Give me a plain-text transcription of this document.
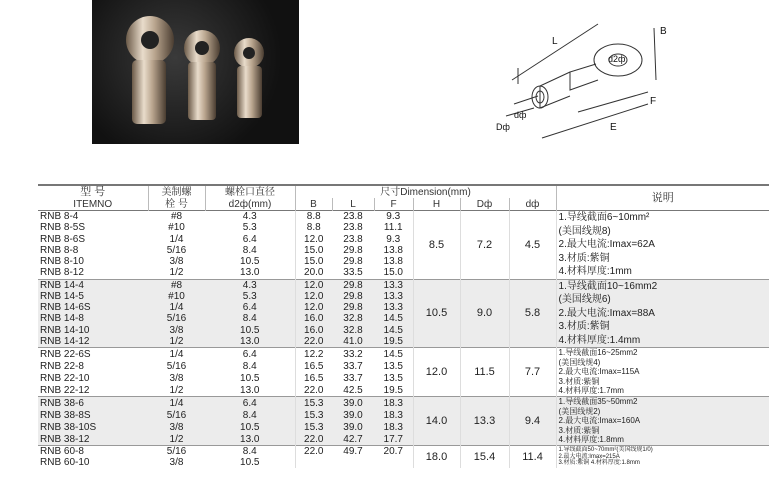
L
B
d2ф
dф
Dф
F
E
型 号	美制螺	螺栓口直径	尺寸Dimension(mm)						说明
ITEMNO	栓 号	d2ф(mm)	B	L	F	H	Dф	dф	
RNB 8-4	#8	4.3	8.8	23.8	9.3	8.5	7.2	4.5	1.导线截面6~10mm²
(美国线规8)
2.最大电流:Imax=62A
3.材质:紫铜
4.材料厚度:1mm

RNB 8-5S	#10	5.3	8.8	23.8	11.1				
RNB 8-6S	1/4	6.4	12.0	23.8	9.3				
RNB 8-8	5/16	8.4	15.0	29.8	13.8				
RNB 8-10	3/8	10.5	15.0	29.8	13.8				
RNB 8-12	1/2	13.0	20.0	33.5	15.0				
RNB 14-4	#8	4.3	12.0	29.8	13.3	10.5	9.0	5.8	1.导线截面10~16mm2
(美国线规6)
2.最大电流:Imax=88A
3.材质:紫铜
4.材料厚度:1.4mm

RNB 14-5	#10	5.3	12.0	29.8	13.3				
RNB 14-6S	1/4	6.4	12.0	29.8	13.3				
RNB 14-8	5/16	8.4	16.0	32.8	14.5				
RNB 14-10	3/8	10.5	16.0	32.8	14.5				
RNB 14-12	1/2	13.0	22.0	41.0	19.5				
RNB 22-6S	1/4	6.4	12.2	33.2	14.5	12.0	11.5	7.7	1.导线截面16~25mm2
(美国线规4)
2.最大电流:Imax=115A
3.材质:紫铜
4.材料厚度:1.7mm

RNB 22-8	5/16	8.4	16.5	33.7	13.5				
RNB 22-10	3/8	10.5	16.5	33.7	13.5				
RNB 22-12	1/2	13.0	22.0	42.5	19.5				
RNB 38-6	1/4	6.4	15.3	39.0	18.3	14.0	13.3	9.4	1.导线截面35~50mm2
(美国线规2)
2.最大电流:Imax=160A
3.材质:紫铜
4.材料厚度:1.8mm

RNB 38-8S	5/16	8.4	15.3	39.0	18.3				
RNB 38-10S	3/8	10.5	15.3	39.0	18.3				
RNB 38-12	1/2	13.0	22.0	42.7	17.7				
RNB 60-8	5/16	8.4	22.0	49.7	20.7	18.0	15.4	11.4	1.导线截面50~70mm²(美国线规1/0)
2.最大电流:Imax=215A
3.材质:紫铜 4.材料厚度:1.8mm

RNB 60-10	3/8	10.5							
